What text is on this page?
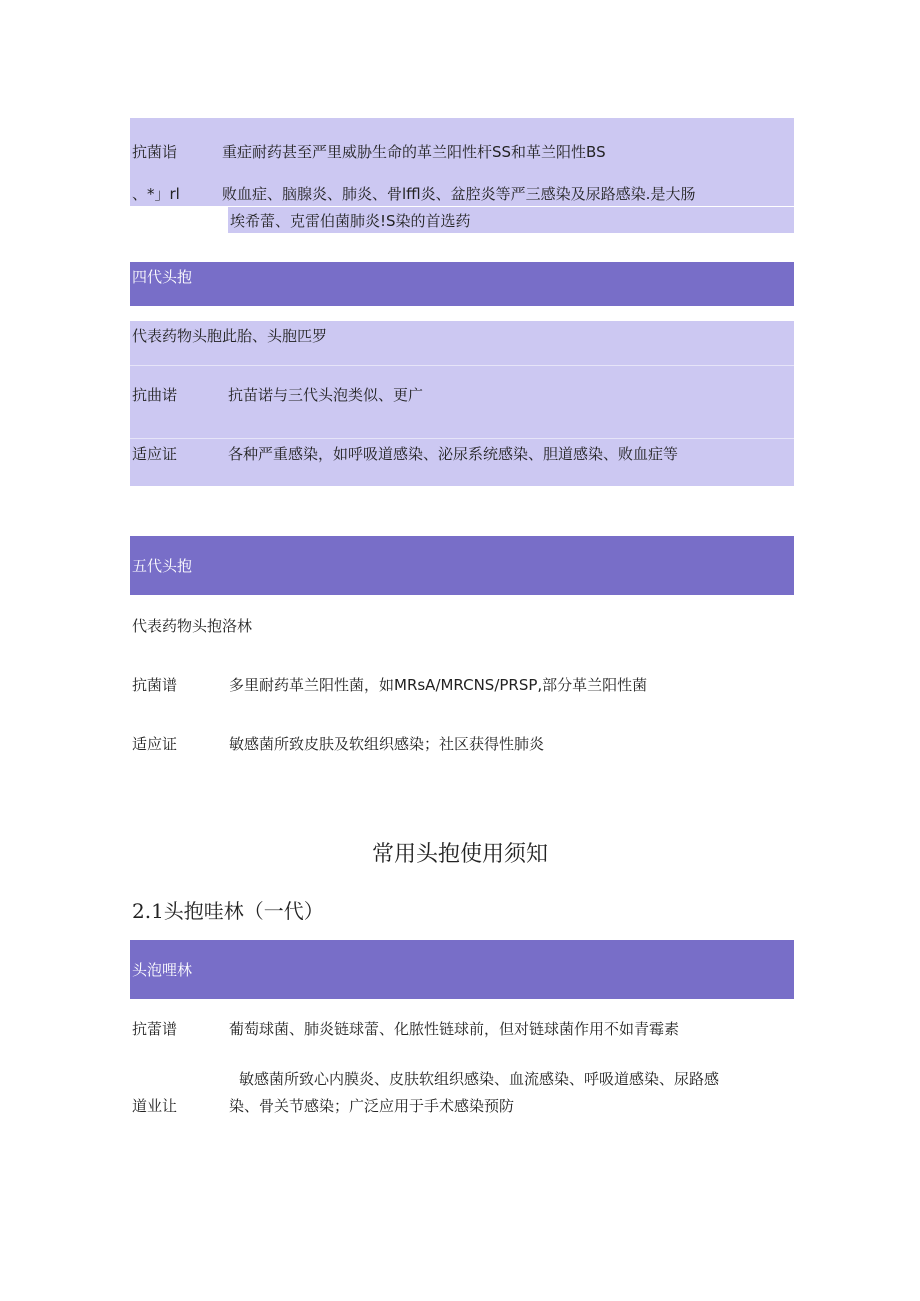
抗菌诣	重症耐药甚至严里威胁生命的革兰阳性杆SS和革兰阳性BS
、*」rl	败血症、脑腺炎、肺炎、骨lffl炎、盆腔炎等严三感染及尿路感染.是大肠
埃希蕾、克雷伯菌肺炎!S染的首选药
四代头抱
代表药物头胞此胎、头胞匹罗
抗曲诺	抗苗诺与三代头泡类似、更广
适应证	各种严重感染，如呼吸道感染、泌尿系统感染、胆道感染、败血症等
五代头抱
代表药物头抱洛林
抗菌谱	多里耐药革兰阳性菌，如MRsA/MRCNS/PRSP,部分革兰阳性菌
适应证	敏感菌所致皮肤及软组织感染；社区获得性肺炎
常用头抱使用须知
2.1头抱哇林（一代）
头泡哩林
抗蕾谱	葡萄球菌、肺炎链球蕾、化脓性链球前，但对链球菌作用不如青霉素
敏感菌所致心内膜炎、皮肤软组织感染、血流感染、呼吸道感染、尿路感
道业让	染、骨关节感染；广泛应用于手术感染预防
